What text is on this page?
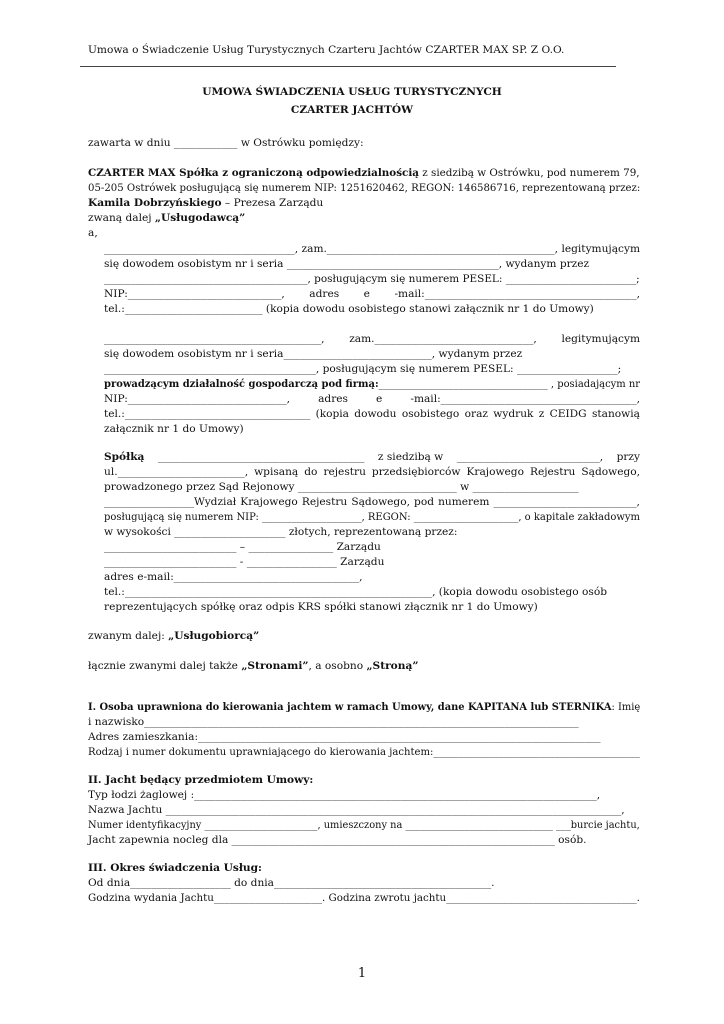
Umowa o Świadczenie Usług Turystycznych Czarteru Jachtów CZARTER MAX SP. Z O.O.
UMOWA ŚWIADCZENIA USŁUG TURYSTYCZNYCH
CZARTER JACHTÓW
zawarta w dniu ____________ w Ostrówku pomiędzy:
CZARTER MAX Spółka z ograniczoną odpowiedzialnością z siedzibą w Ostrówku, pod numerem 79,
05-205 Ostrówek posługującą się numerem NIP: 1251620462, REGON: 146586716, reprezentowaną przez:
Kamila Dobrzyńskiego – Prezesa Zarządu
zwaną dalej „Usługodawcą”
a,
____________________________________, zam.___________________________________________, legitymującym
się dowodem osobistym nr i seria ________________________________________, wydanym przez
_______________________________________, posługującym się numerem PESEL: _________________________;
NIP:_____________________________, adres e -mail:________________________________________,
tel.:__________________________ (kopia dowodu osobistego stanowi załącznik nr 1 do Umowy)
_________________________________________, zam.______________________________, legitymującym
się dowodem osobistym nr i seria____________________________, wydanym przez
________________________________________, posługującym się numerem PESEL: ___________________;
prowadzącym działalność gospodarczą pod firmą:__________________________________ , posiadającym nr
NIP:______________________________,	adres	e	-mail:_____________________________________,
tel.:___________________________________ (kopia dowodu osobistego oraz wydruk z CEIDG stanowią
załącznik nr 1 do Umowy)
Spółką _______________________________________ z siedzibą w ___________________________, przy
ul.________________________, wpisaną do rejestru przedsiębiorców Krajowego Rejestru Sądowego,
prowadzonego przez Sąd Rejonowy ______________________________ w ____________________
_________________Wydział Krajowego Rejestru Sądowego, pod numerem ___________________________,
posługującą się numerem NIP: ____________________, REGON: _____________________, o kapitale zakładowym
w wysokości _____________________ złotych, reprezentowaną przez:
_________________________ – ________________ Zarządu
_________________________ - _________________ Zarządu
adres e-mail:___________________________________,
tel.:__________________________________________________________, (kopia dowodu osobistego osób
reprezentujących spółkę oraz odpis KRS spółki stanowi złącznik nr 1 do Umowy)
zwanym dalej: „Usługobiorcą”
łącznie zwanymi dalej także „Stronami”, a osobno „Stroną”
I. Osoba uprawniona do kierowania jachtem w ramach Umowy, dane KAPITANA lub STERNIKA: Imię
i nazwisko__________________________________________________________________________________
Adres zamieszkania:____________________________________________________________________________
Rodzaj i numer dokumentu uprawniającego do kierowania jachtem:_________________________________________
II. Jacht będący przedmiotem Umowy:
Typ łodzi żaglowej :____________________________________________________________________________,
Nazwa Jachtu ______________________________________________________________________________________,
Numer identyfikacyjny _______________________, umieszczony na ______________________________ ___burcie jachtu,
Jacht zapewnia nocleg dla _____________________________________________________________ osób.
III. Okres świadczenia Usług:
Od dnia___________________ do dnia_________________________________________.
Godzina wydania Jachtu_____________________. Godzina zwrotu jachtu_____________________________________.
1
